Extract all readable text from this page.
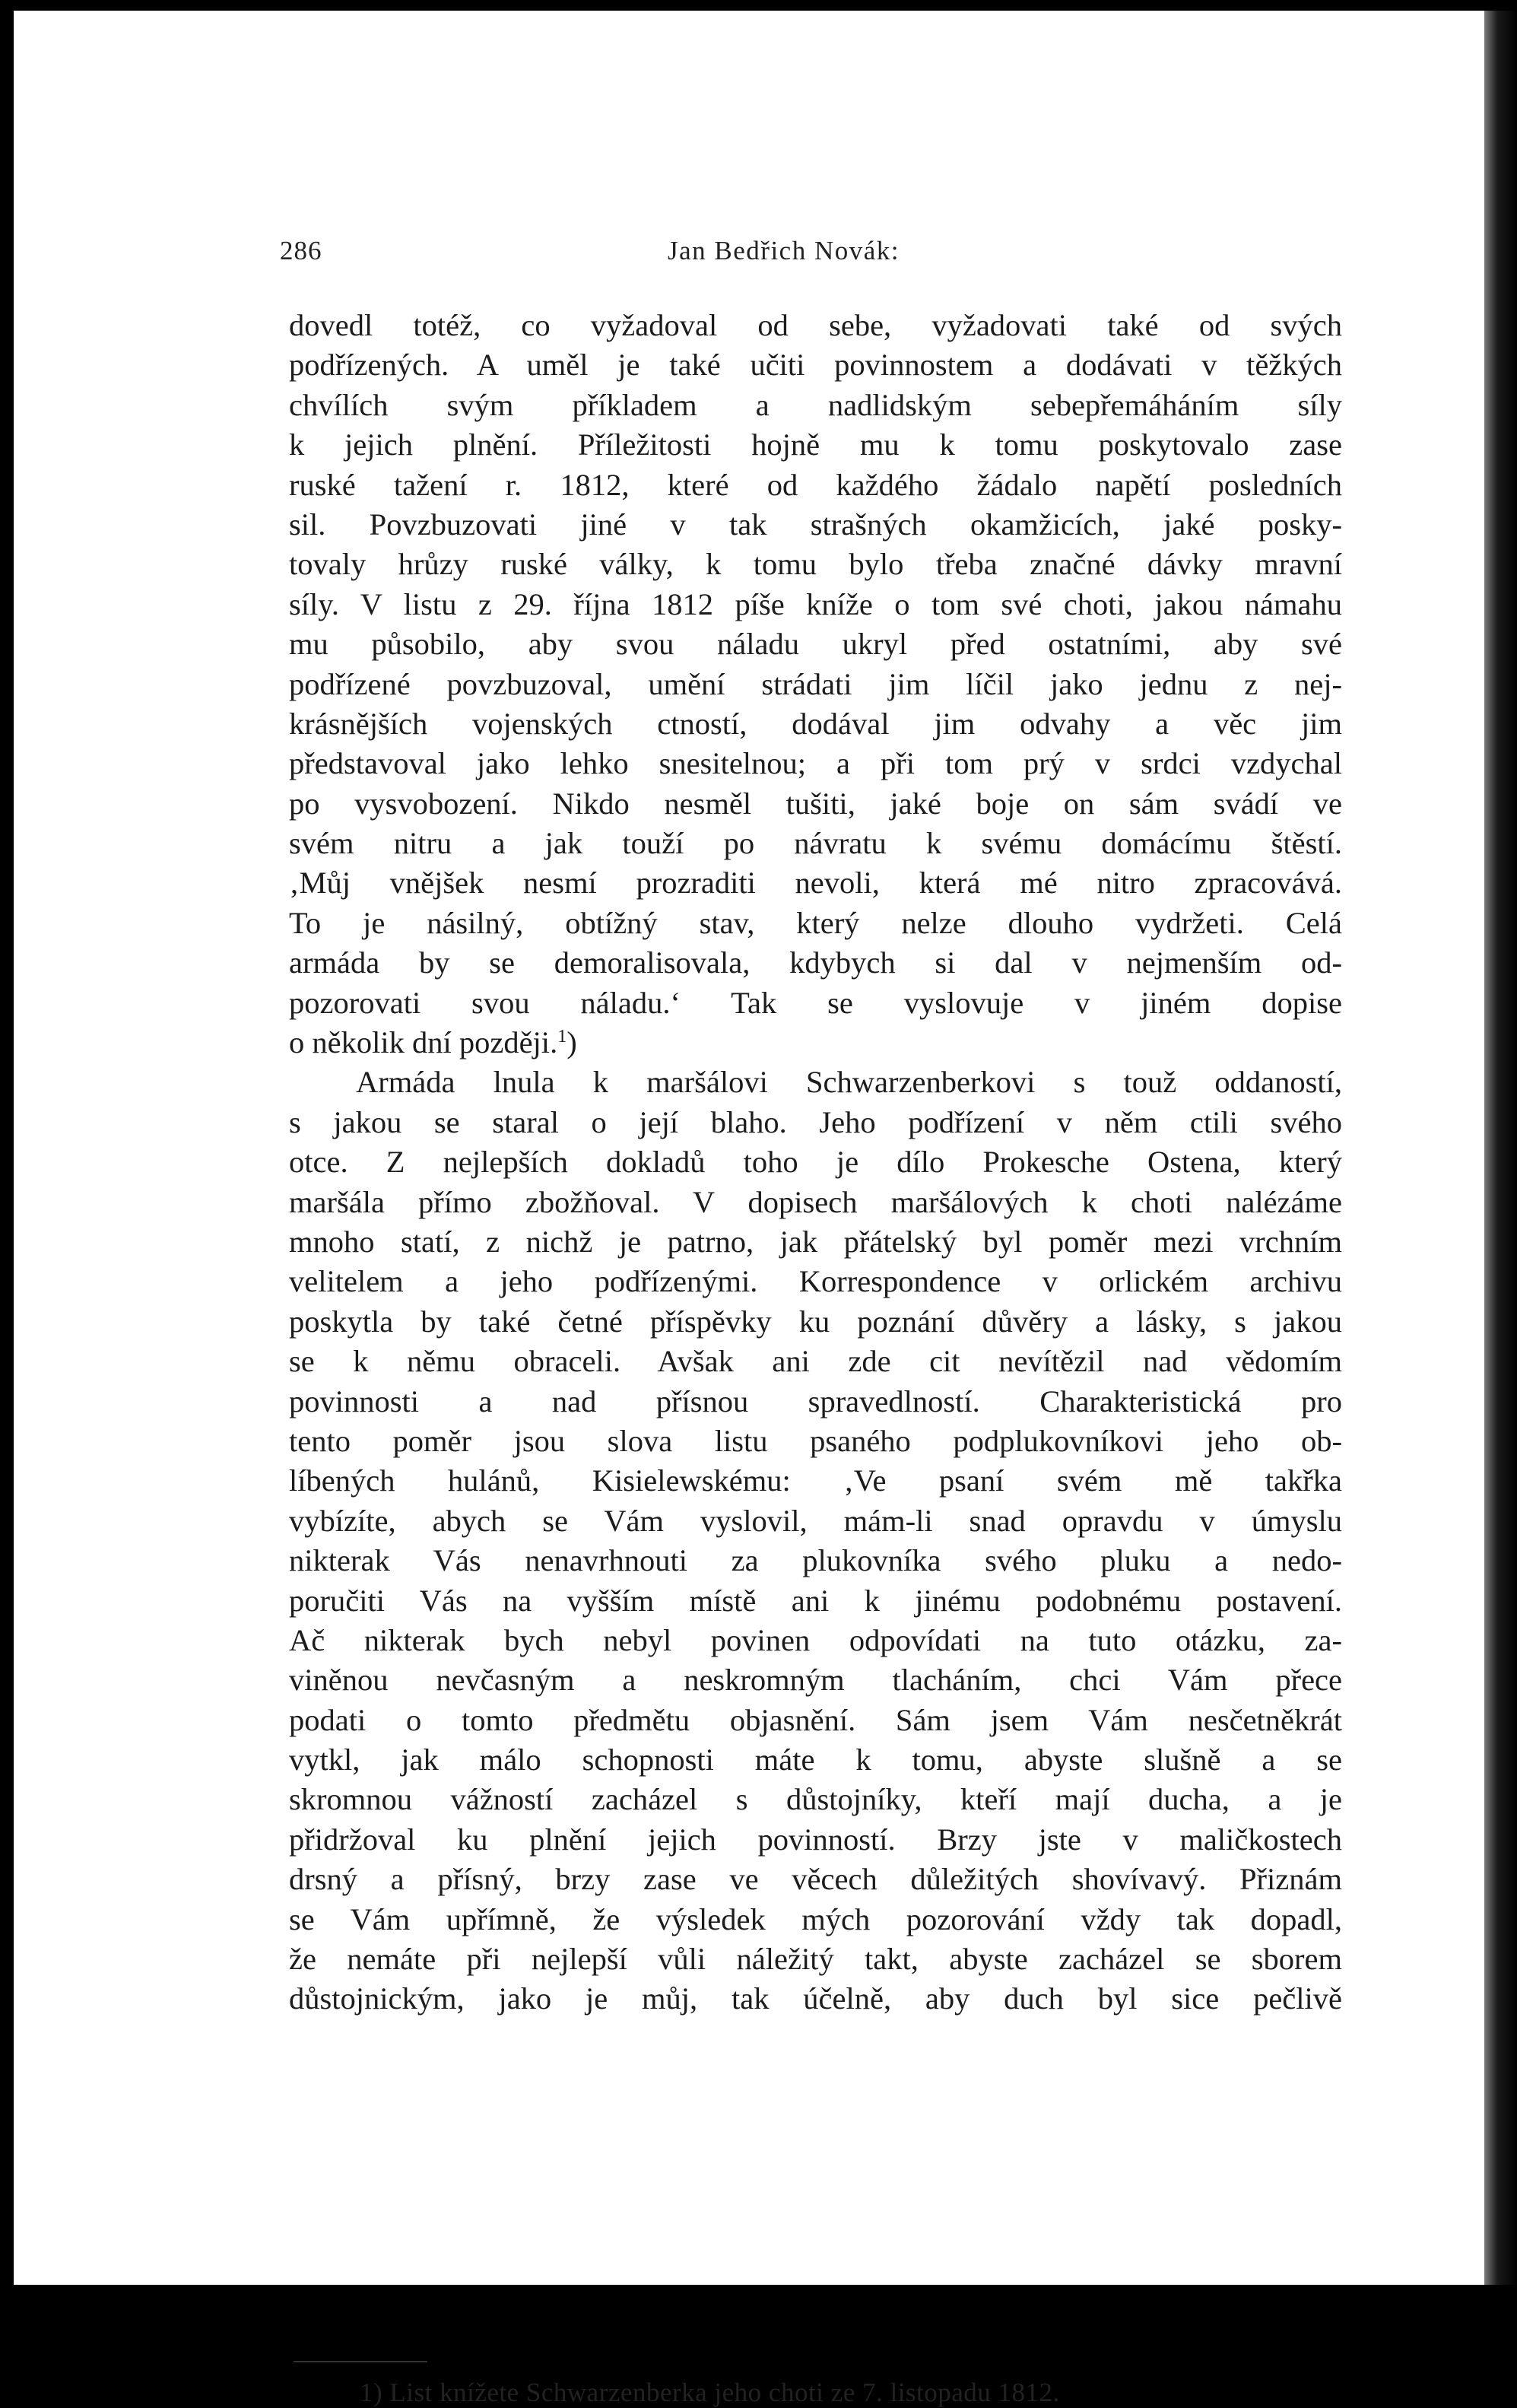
286	Jan Bedřich Novák:
dovedl totéž, co vyžadoval od sebe, vyžadovati také od svých
podřízených. A uměl je také učiti povinnostem a dodávati v těžkých
chvílích svým příkladem a nadlidským sebepřemáháním síly
k jejich plnění. Příležitosti hojně mu k tomu poskytovalo zase
ruské tažení r. 1812, které od každého žádalo napětí posledních
sil. Povzbuzovati jiné v tak strašných okamžicích, jaké posky-
tovaly hrůzy ruské války, k tomu bylo třeba značné dávky mravní
síly. V listu z 29. října 1812 píše kníže o tom své choti, jakou námahu
mu působilo, aby svou náladu ukryl před ostatními, aby své
podřízené povzbuzoval, umění strádati jim líčil jako jednu z nej-
krásnějších vojenských ctností, dodával jim odvahy a věc jim
představoval jako lehko snesitelnou; a při tom prý v srdci vzdychal
po vysvobození. Nikdo nesměl tušiti, jaké boje on sám svádí ve
svém nitru a jak touží po návratu k svému domácímu štěstí.
‚Můj vnějšek nesmí prozraditi nevoli, která mé nitro zpracovává.
To je násilný, obtížný stav, který nelze dlouho vydržeti. Celá
armáda by se demoralisovala, kdybych si dal v nejmenším od-
pozorovati svou náladu.‘ Tak se vyslovuje v jiném dopise
o několik dní později.$^1$)
Armáda lnula k maršálovi Schwarzenberkovi s touž oddaností,
s jakou se staral o její blaho. Jeho podřízení v něm ctili svého
otce. Z nejlepších dokladů toho je dílo Prokesche Ostena, který
maršála přímo zbožňoval. V dopisech maršálových k choti nalézáme
mnoho statí, z nichž je patrno, jak přátelský byl poměr mezi vrchním
velitelem a jeho podřízenými. Korrespondence v orlickém archivu
poskytla by také četné příspěvky ku poznání důvěry a lásky, s jakou
se k němu obraceli. Avšak ani zde cit nevítězil nad vědomím
povinnosti a nad přísnou spravedlností. Charakteristická pro
tento poměr jsou slova listu psaného podplukovníkovi jeho ob-
líbených hulánů, Kisielewskému: ‚Ve psaní svém mě takřka
vybízíte, abych se Vám vyslovil, mám-li snad opravdu v úmyslu
nikterak Vás nenavrhnouti za plukovníka svého pluku a nedo-
poručiti Vás na vyšším místě ani k jinému podobnému postavení.
Ač nikterak bych nebyl povinen odpovídati na tuto otázku, za-
viněnou nevčasným a neskromným tlacháním, chci Vám přece
podati o tomto předmětu objasnění. Sám jsem Vám nesčetněkrát
vytkl, jak málo schopnosti máte k tomu, abyste slušně a se
skromnou vážností zacházel s důstojníky, kteří mají ducha, a je
přidržoval ku plnění jejich povinností. Brzy jste v maličkostech
drsný a přísný, brzy zase ve věcech důležitých shovívavý. Přiznám
se Vám upřímně, že výsledek mých pozorování vždy tak dopadl,
že nemáte při nejlepší vůli náležitý takt, abyste zacházel se sborem
důstojnickým, jako je můj, tak účelně, aby duch byl sice pečlivě
1) List knížete Schwarzenberka jeho choti ze 7. listopadu 1812.
